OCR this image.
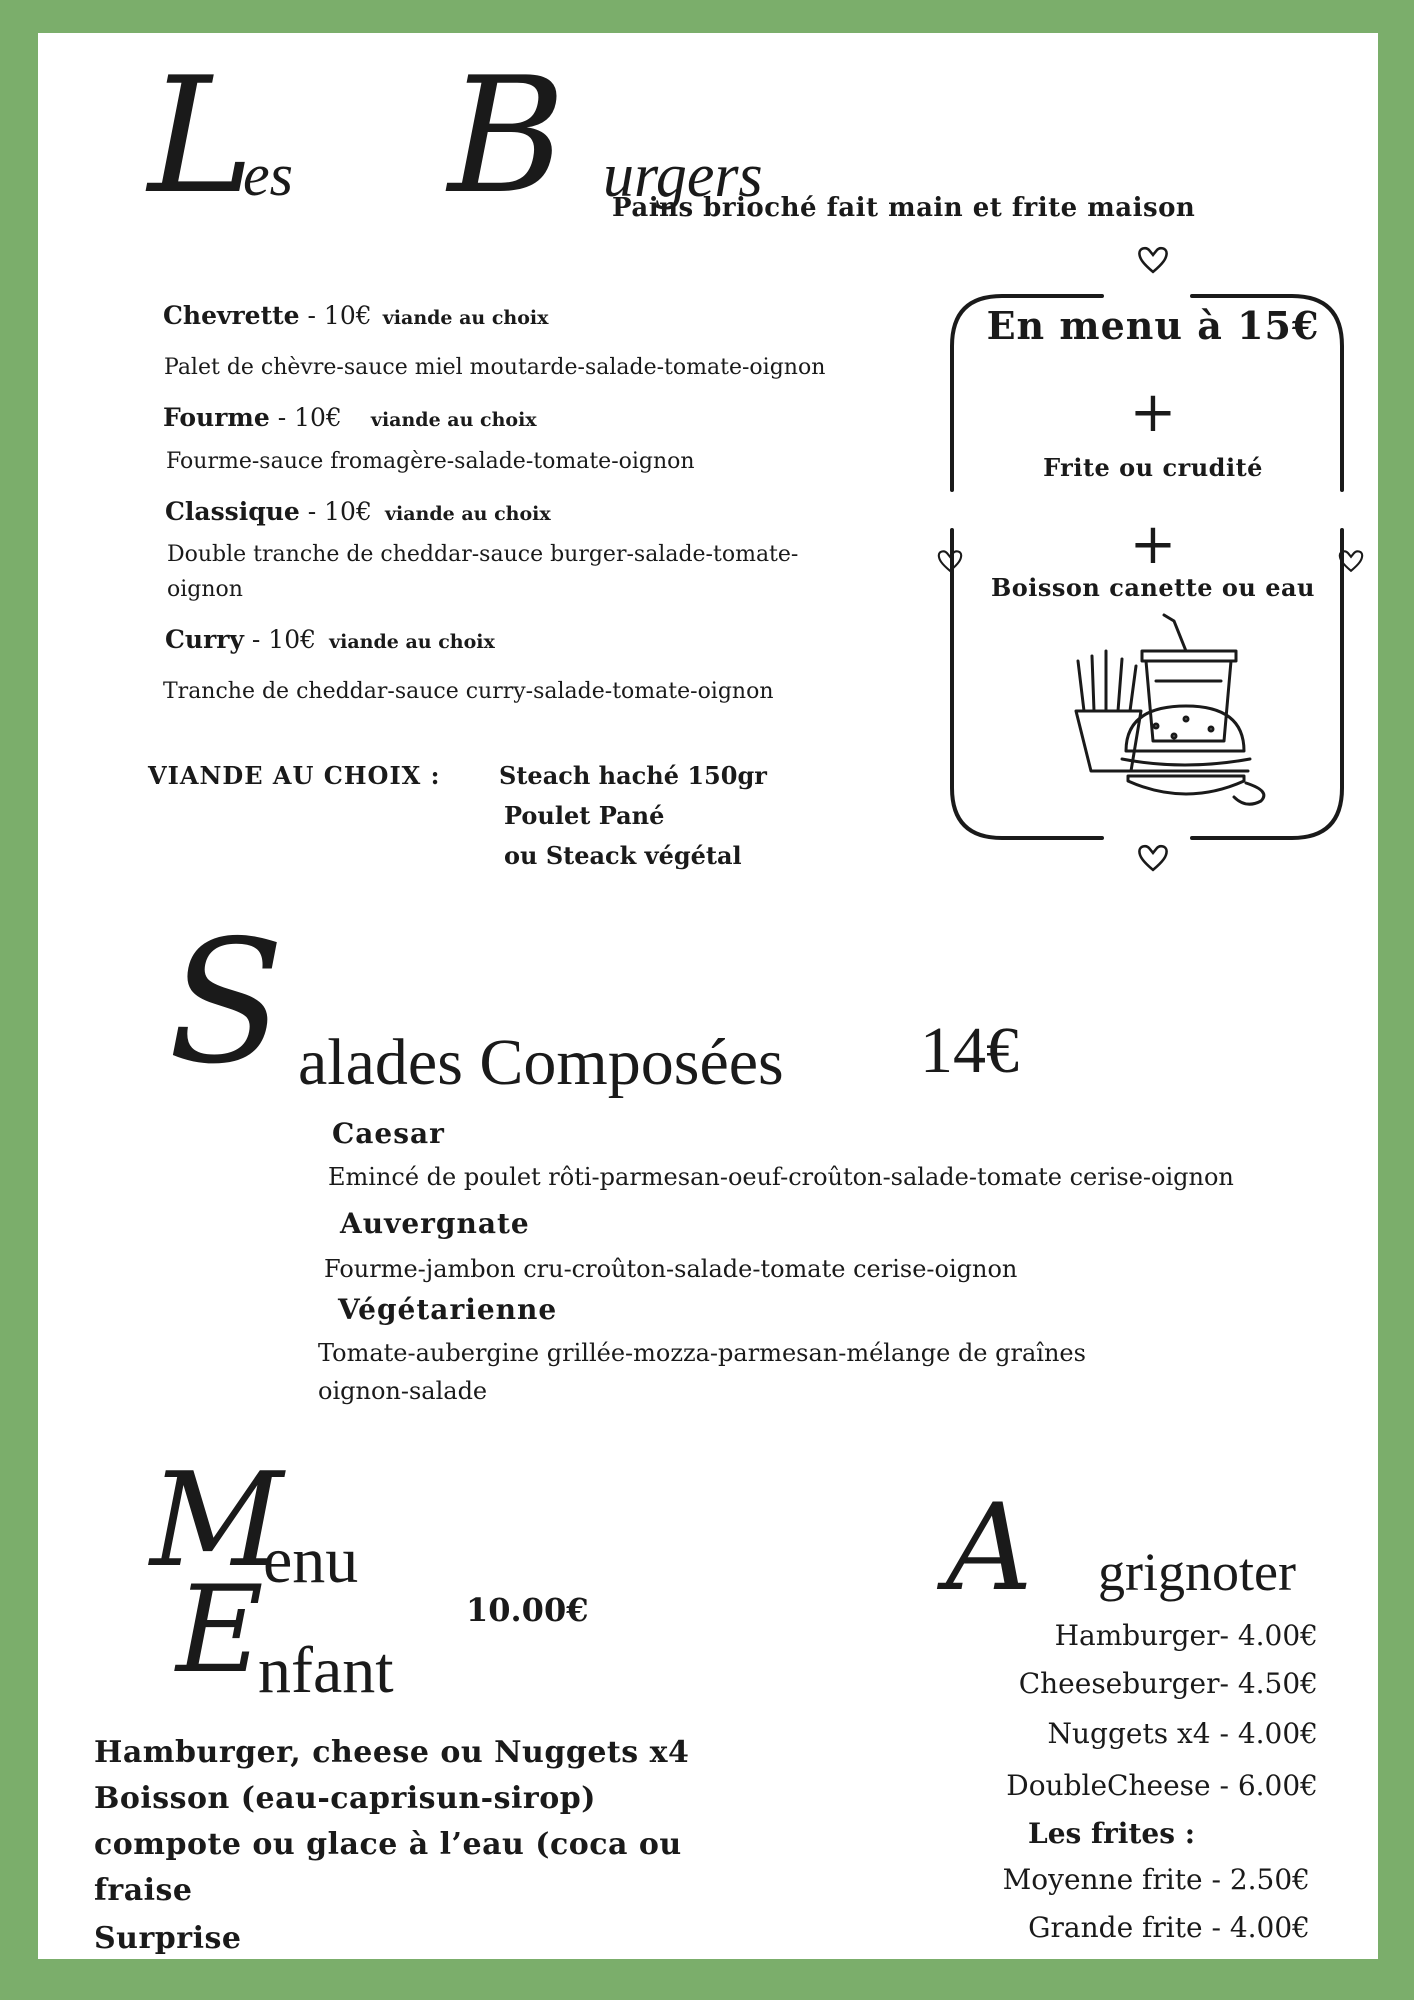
L
es B urgers
Pains brioché fait main et frite maison
Chevrette - 10€ viande au choix
Palet de chèvre-sauce miel moutarde-salade-tomate-oignon
Fourme - 10€ viande au choix
Fourme-sauce fromagère-salade-tomate-oignon
Classique - 10€ viande au choix
Double tranche de cheddar-sauce burger-salade-tomate-
oignon
Curry - 10€ viande au choix
Tranche de cheddar-sauce curry-salade-tomate-oignon
VIANDE AU CHOIX : Steach haché 150gr
Poulet Pané
ou Steack végétal
En menu à 15€
+
Frite ou crudité
+
Boisson canette ou eau
S alades Composées 14€
Caesar
Emincé de poulet rôti-parmesan-oeuf-croûton-salade-tomate cerise-oignon
Auvergnate
Fourme-jambon cru-croûton-salade-tomate cerise-oignon
Végétarienne
Tomate-aubergine grillée-mozza-parmesan-mélange de graînes
oignon-salade
M
enu
10.00€
E
nfant
Hamburger, cheese ou Nuggets x4
Boisson (eau-caprisun-sirop)
compote ou glace à l’eau (coca ou
fraise
Surprise
A grignoter
Hamburger- 4.00€
Cheeseburger- 4.50€
Nuggets x4 - 4.00€
DoubleCheese - 6.00€
Les frites :
Moyenne frite - 2.50€
Grande frite - 4.00€
